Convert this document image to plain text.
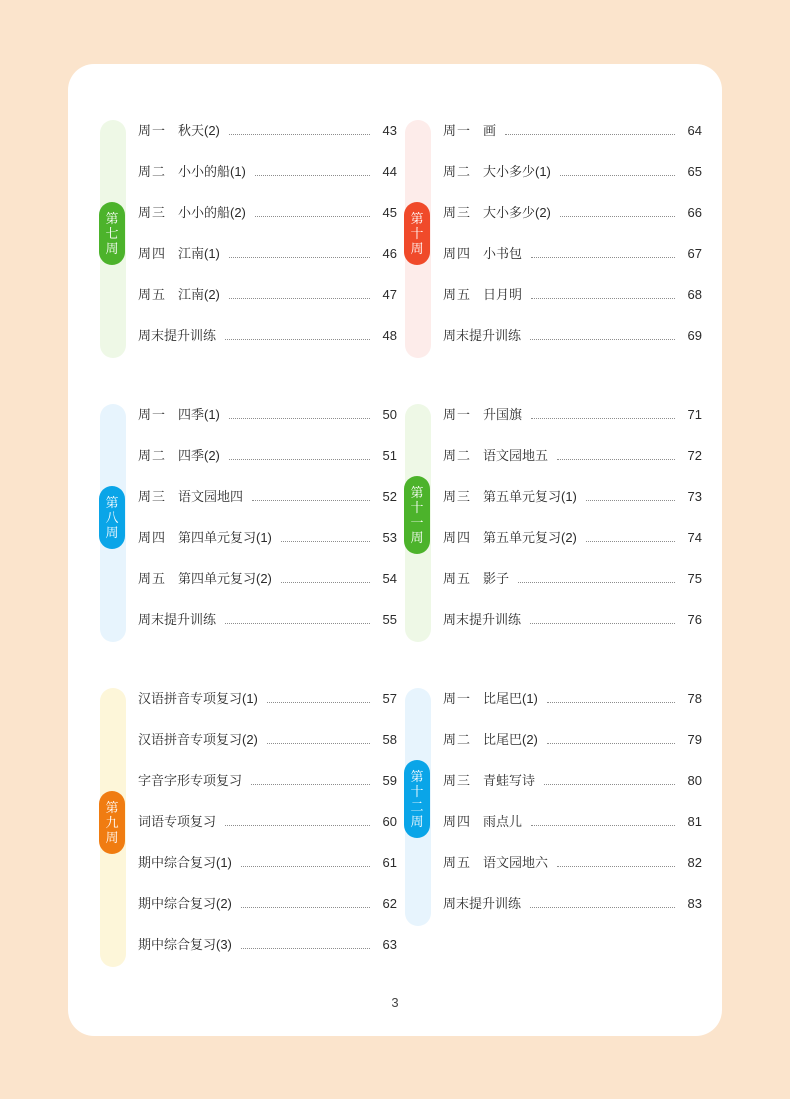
第
七
周
周一 秋天(2)	43
周二 小小的船(1)	44
周三 小小的船(2)	45
周四 江南(1)	46
周五 江南(2)	47
周末提升训练	48
第
十
周
周一 画	64
周二 大小多少(1)	65
周三 大小多少(2)	66
周四 小书包	67
周五 日月明	68
周末提升训练	69
第
八
周
周一 四季(1)	50
周二 四季(2)	51
周三 语文园地四	52
周四 第四单元复习(1)	53
周五 第四单元复习(2)	54
周末提升训练	55
第
十
一
周
周一 升国旗	71
周二 语文园地五	72
周三 第五单元复习(1)	73
周四 第五单元复习(2)	74
周五 影子	75
周末提升训练	76
第
九
周
汉语拼音专项复习(1)	57
汉语拼音专项复习(2)	58
字音字形专项复习	59
词语专项复习	60
期中综合复习(1)	61
期中综合复习(2)	62
期中综合复习(3)	63
第
十
二
周
周一 比尾巴(1)	78
周二 比尾巴(2)	79
周三 青蛙写诗	80
周四 雨点儿	81
周五 语文园地六	82
周末提升训练	83
3
